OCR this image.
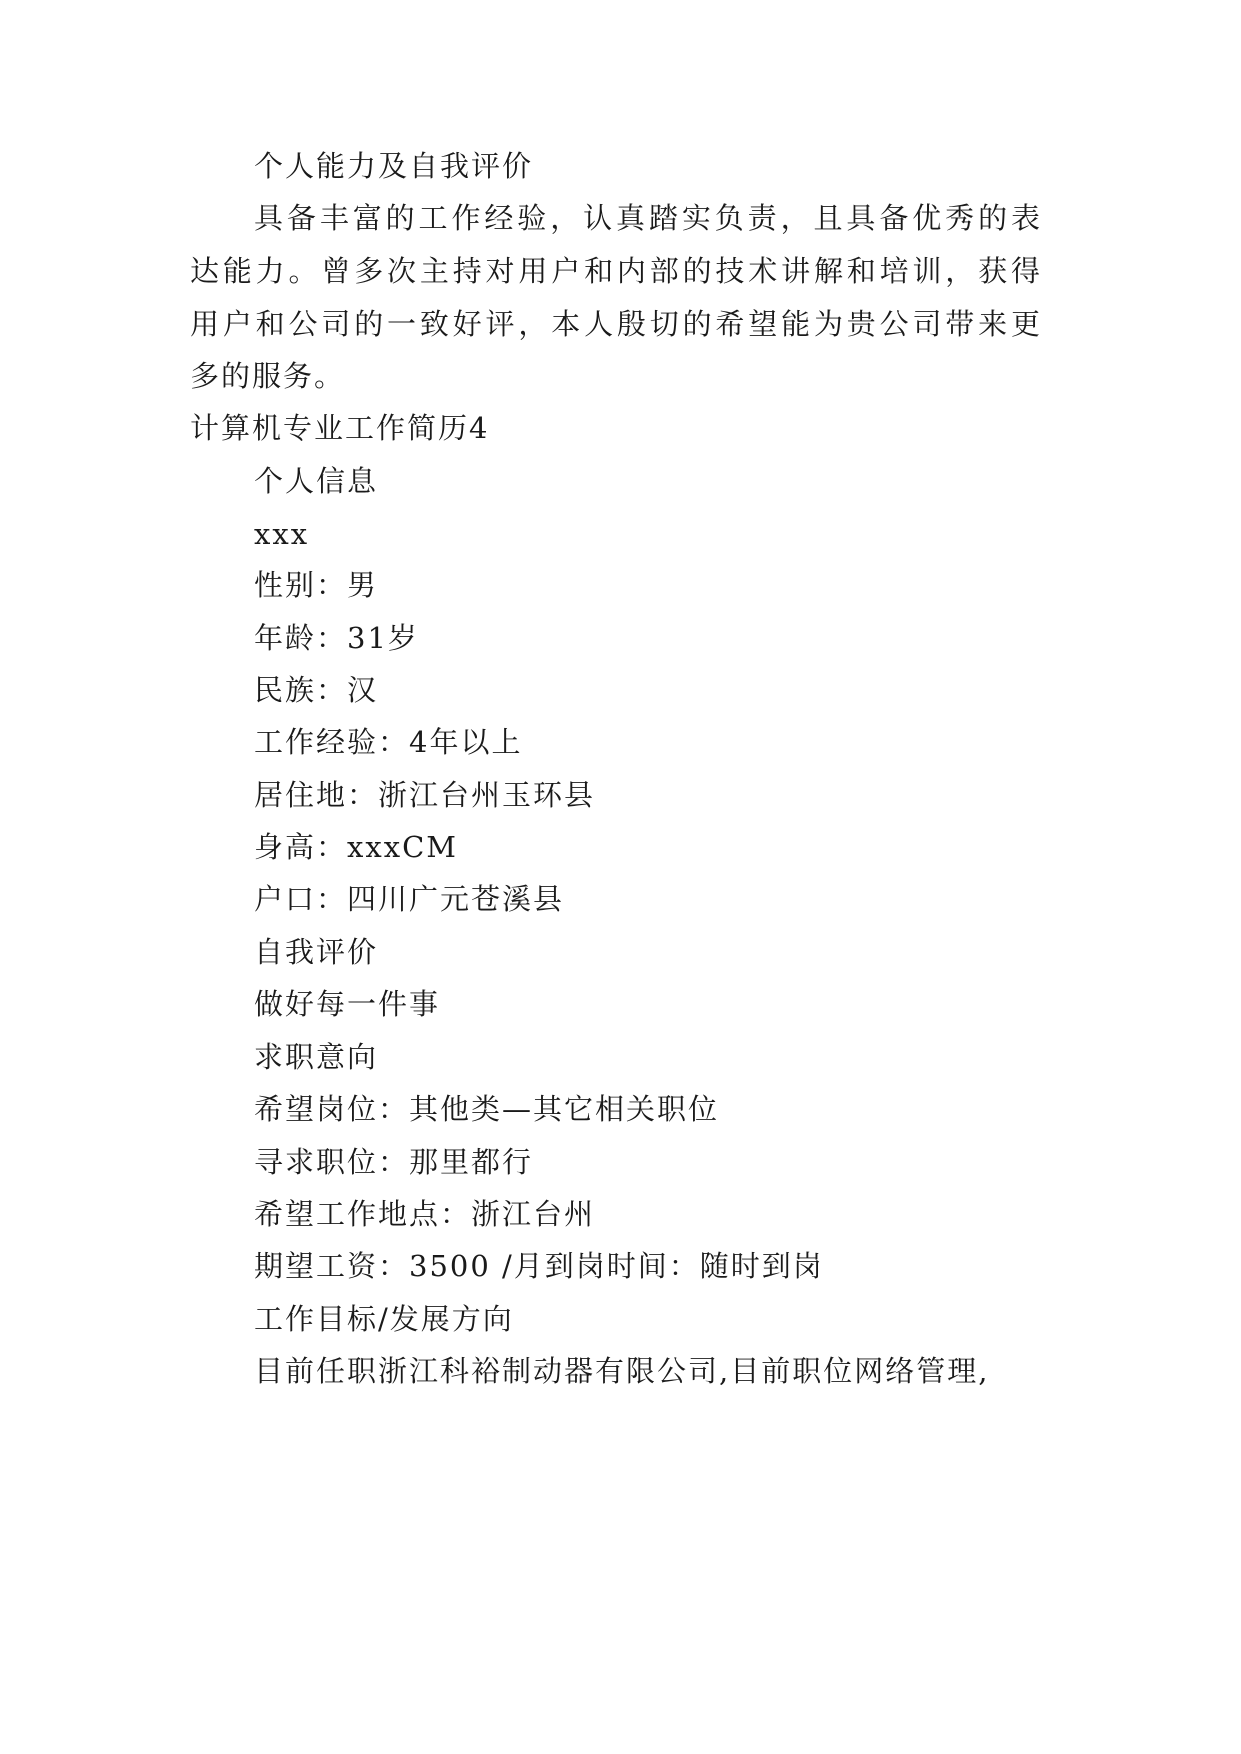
个人能力及自我评价
具备丰富的工作经验，认真踏实负责，且具备优秀的表
达能力。曾多次主持对用户和内部的技术讲解和培训，获得
用户和公司的一致好评，本人殷切的希望能为贵公司带来更
多的服务。
计算机专业工作简历4
个人信息
xxx
性别：男
年龄：31岁
民族：汉
工作经验：4年以上
居住地：浙江台州玉环县
身高：xxxCM
户口：四川广元苍溪县
自我评价
做好每一件事
求职意向
希望岗位：其他类—其它相关职位
寻求职位：那里都行
希望工作地点：浙江台州
期望工资：3500 /月到岗时间：随时到岗
工作目标/发展方向
目前任职浙江科裕制动器有限公司,目前职位网络管理,
